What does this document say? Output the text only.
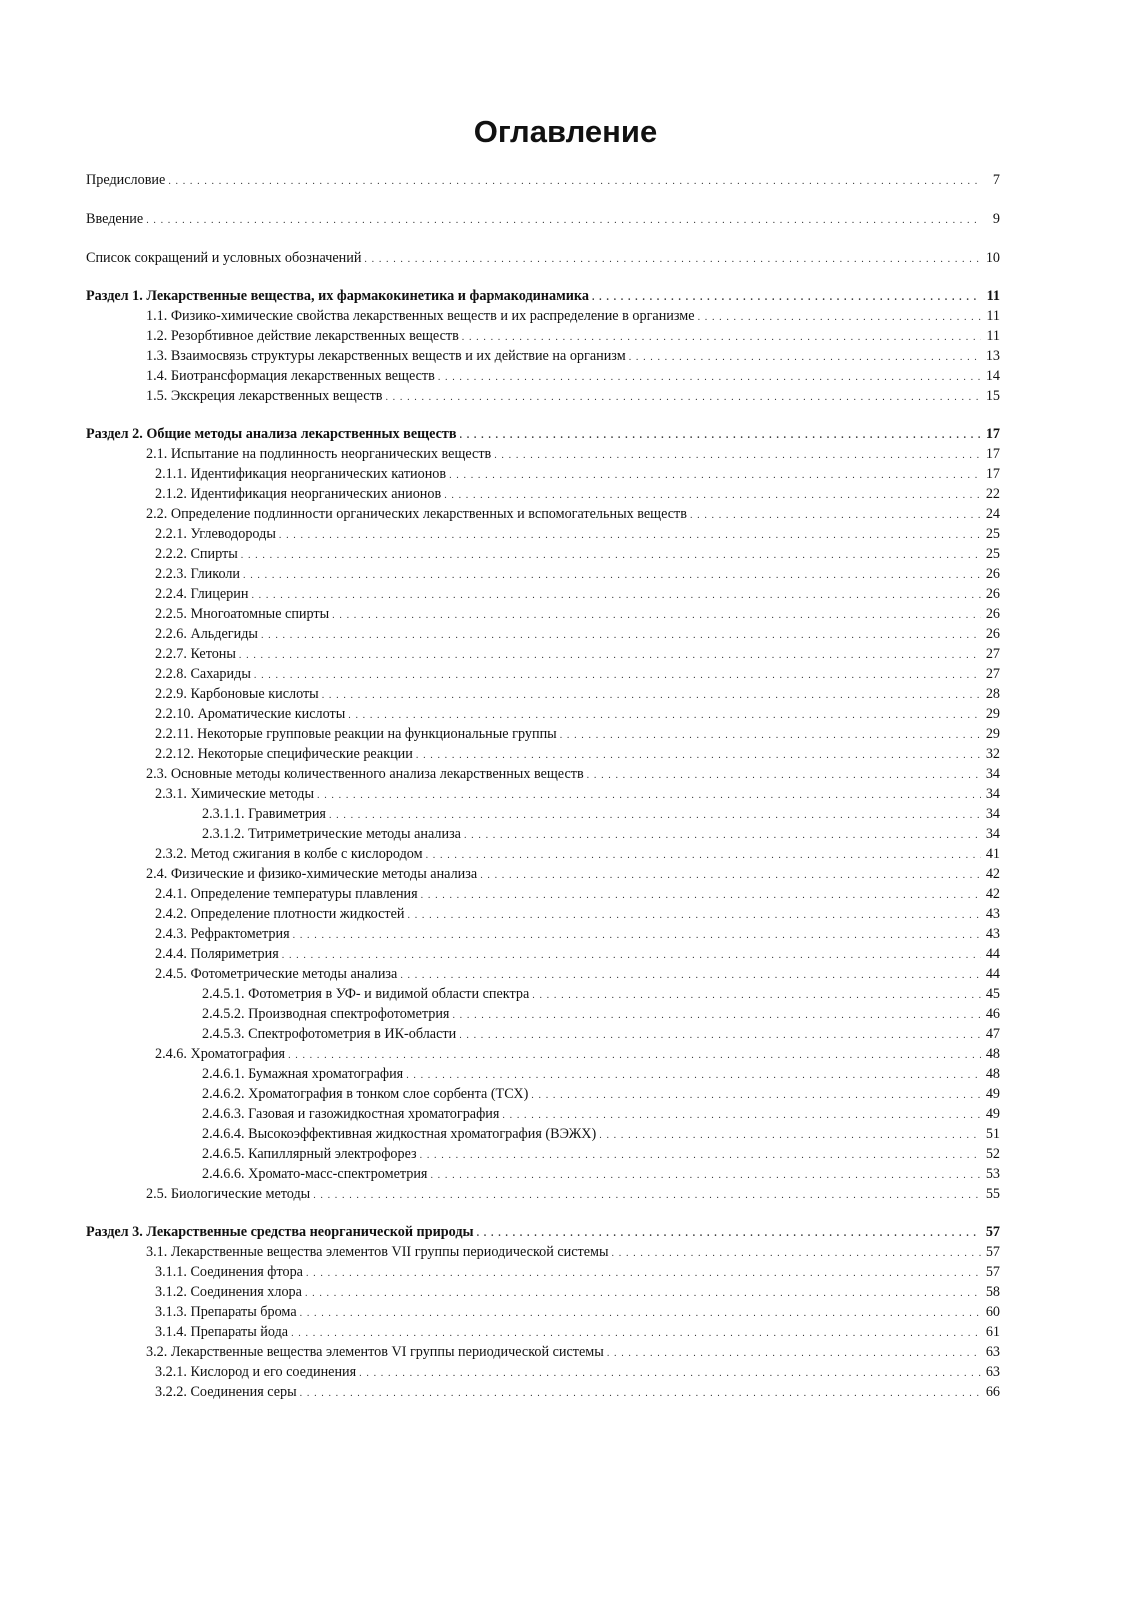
Оглавление
Предисловие . . .	7
Введение . . .	9
Список сокращений и условных обозначений . . .	10
Раздел 1. Лекарственные вещества, их фармакокинетика и фармакодинамика . . .	11
1.1. Физико-химические свойства лекарственных веществ и их распределение в организме . . .	11
1.2. Резорбтивное действие лекарственных веществ . . .	11
1.3. Взаимосвязь структуры лекарственных веществ и их действие на организм . . .	13
1.4. Биотрансформация лекарственных веществ . . .	14
1.5. Экскреция лекарственных веществ . . .	15
Раздел 2. Общие методы анализа лекарственных веществ . . .	17
2.1. Испытание на подлинность неорганических веществ . . .	17
2.1.1. Идентификация неорганических катионов . . .	17
2.1.2. Идентификация неорганических анионов . . .	22
2.2. Определение подлинности органических лекарственных и вспомогательных веществ . . .	24
2.2.1. Углеводороды . . .	25
2.2.2. Спирты . . .	25
2.2.3. Гликоли . . .	26
2.2.4. Глицерин . . .	26
2.2.5. Многоатомные спирты . . .	26
2.2.6. Альдегиды . . .	26
2.2.7. Кетоны . . .	27
2.2.8. Сахариды . . .	27
2.2.9. Карбоновые кислоты . . .	28
2.2.10. Ароматические кислоты . . .	29
2.2.11. Некоторые групповые реакции на функциональные группы . . .	29
2.2.12. Некоторые специфические реакции . . .	32
2.3. Основные методы количественного анализа лекарственных веществ . . .	34
2.3.1. Химические методы . . .	34
2.3.1.1. Гравиметрия . . .	34
2.3.1.2. Титриметрические методы анализа . . .	34
2.3.2. Метод сжигания в колбе с кислородом . . .	41
2.4. Физические и физико-химические методы анализа . . .	42
2.4.1. Определение температуры плавления . . .	42
2.4.2. Определение плотности жидкостей . . .	43
2.4.3. Рефрактометрия . . .	43
2.4.4. Поляриметрия . . .	44
2.4.5. Фотометрические методы анализа . . .	44
2.4.5.1. Фотометрия в УФ- и видимой области спектра . . .	45
2.4.5.2. Производная спектрофотометрия . . .	46
2.4.5.3. Спектрофотометрия в ИК-области . . .	47
2.4.6. Хроматография . . .	48
2.4.6.1. Бумажная хроматография . . .	48
2.4.6.2. Хроматография в тонком слое сорбента (ТСХ) . . .	49
2.4.6.3. Газовая и газожидкостная хроматография . . .	49
2.4.6.4. Высокоэффективная жидкостная хроматография (ВЭЖХ) . . .	51
2.4.6.5. Капиллярный электрофорез . . .	52
2.4.6.6. Хромато-масс-спектрометрия . . .	53
2.5. Биологические методы . . .	55
Раздел 3. Лекарственные средства неорганической природы . . .	57
3.1. Лекарственные вещества элементов VII группы периодической системы . . .	57
3.1.1. Соединения фтора . . .	57
3.1.2. Соединения хлора . . .	58
3.1.3. Препараты брома . . .	60
3.1.4. Препараты йода . . .	61
3.2. Лекарственные вещества элементов VI группы периодической системы . . .	63
3.2.1. Кислород и его соединения . . .	63
3.2.2. Соединения серы . . .	66
